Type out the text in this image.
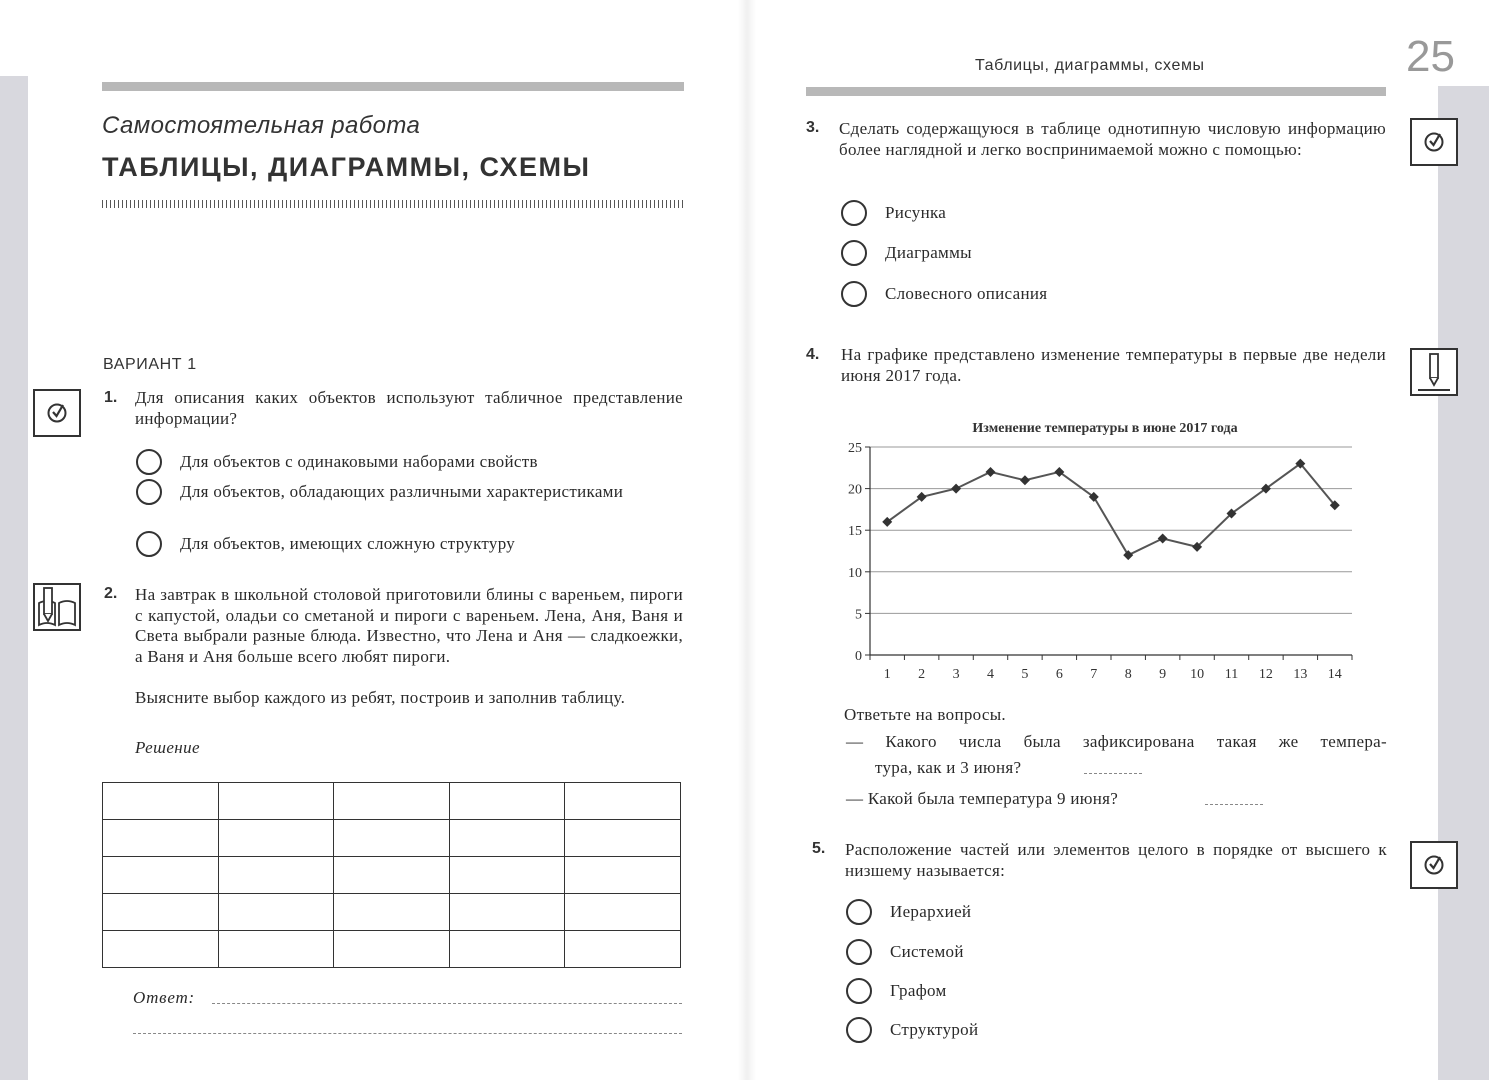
Самостоятельная работа
ТАБЛИЦЫ, ДИАГРАММЫ, СХЕМЫ
ВАРИАНТ 1
1. Для описания каких объектов используют табличное представление информации?
Для объектов с одинаковыми наборами свойств
Для объектов, обладающих различными характеристиками
Для объектов, имеющих сложную структуру
2. На завтрак в школьной столовой приготовили блины с вареньем, пироги с капустой, оладьи со сметаной и пироги с вареньем. Лена, Аня, Ваня и Света выбрали разные блюда. Известно, что Лена и Аня — сладкоежки, а Ваня и Аня больше всего любят пироги.
Выясните выбор каждого из ребят, построив и заполнив таблицу.
Решение

Ответ:
Таблицы, диаграммы, схемы	25
3. Сделать содержащуюся в таблице однотипную числовую информацию более наглядной и легко воспринимаемой можно с помощью:
Рисунка
Диаграммы
Словесного описания
4. На графике представлено изменение температуры в первые две недели июня 2017 года.
Изменение температуры в июне 2017 года
0
5
10
15
20
25
1 2 3 4 5 6 7 8 9 10 11 12 13 14
Ответьте на вопросы.
— Какого числа была зафиксирована такая же темпера-
тура, как и 3 июня?
— Какой была температура 9 июня?
5. Расположение частей или элементов целого в порядке от высшего к низшему называется:
Иерархией
Системой
Графом
Структурой
